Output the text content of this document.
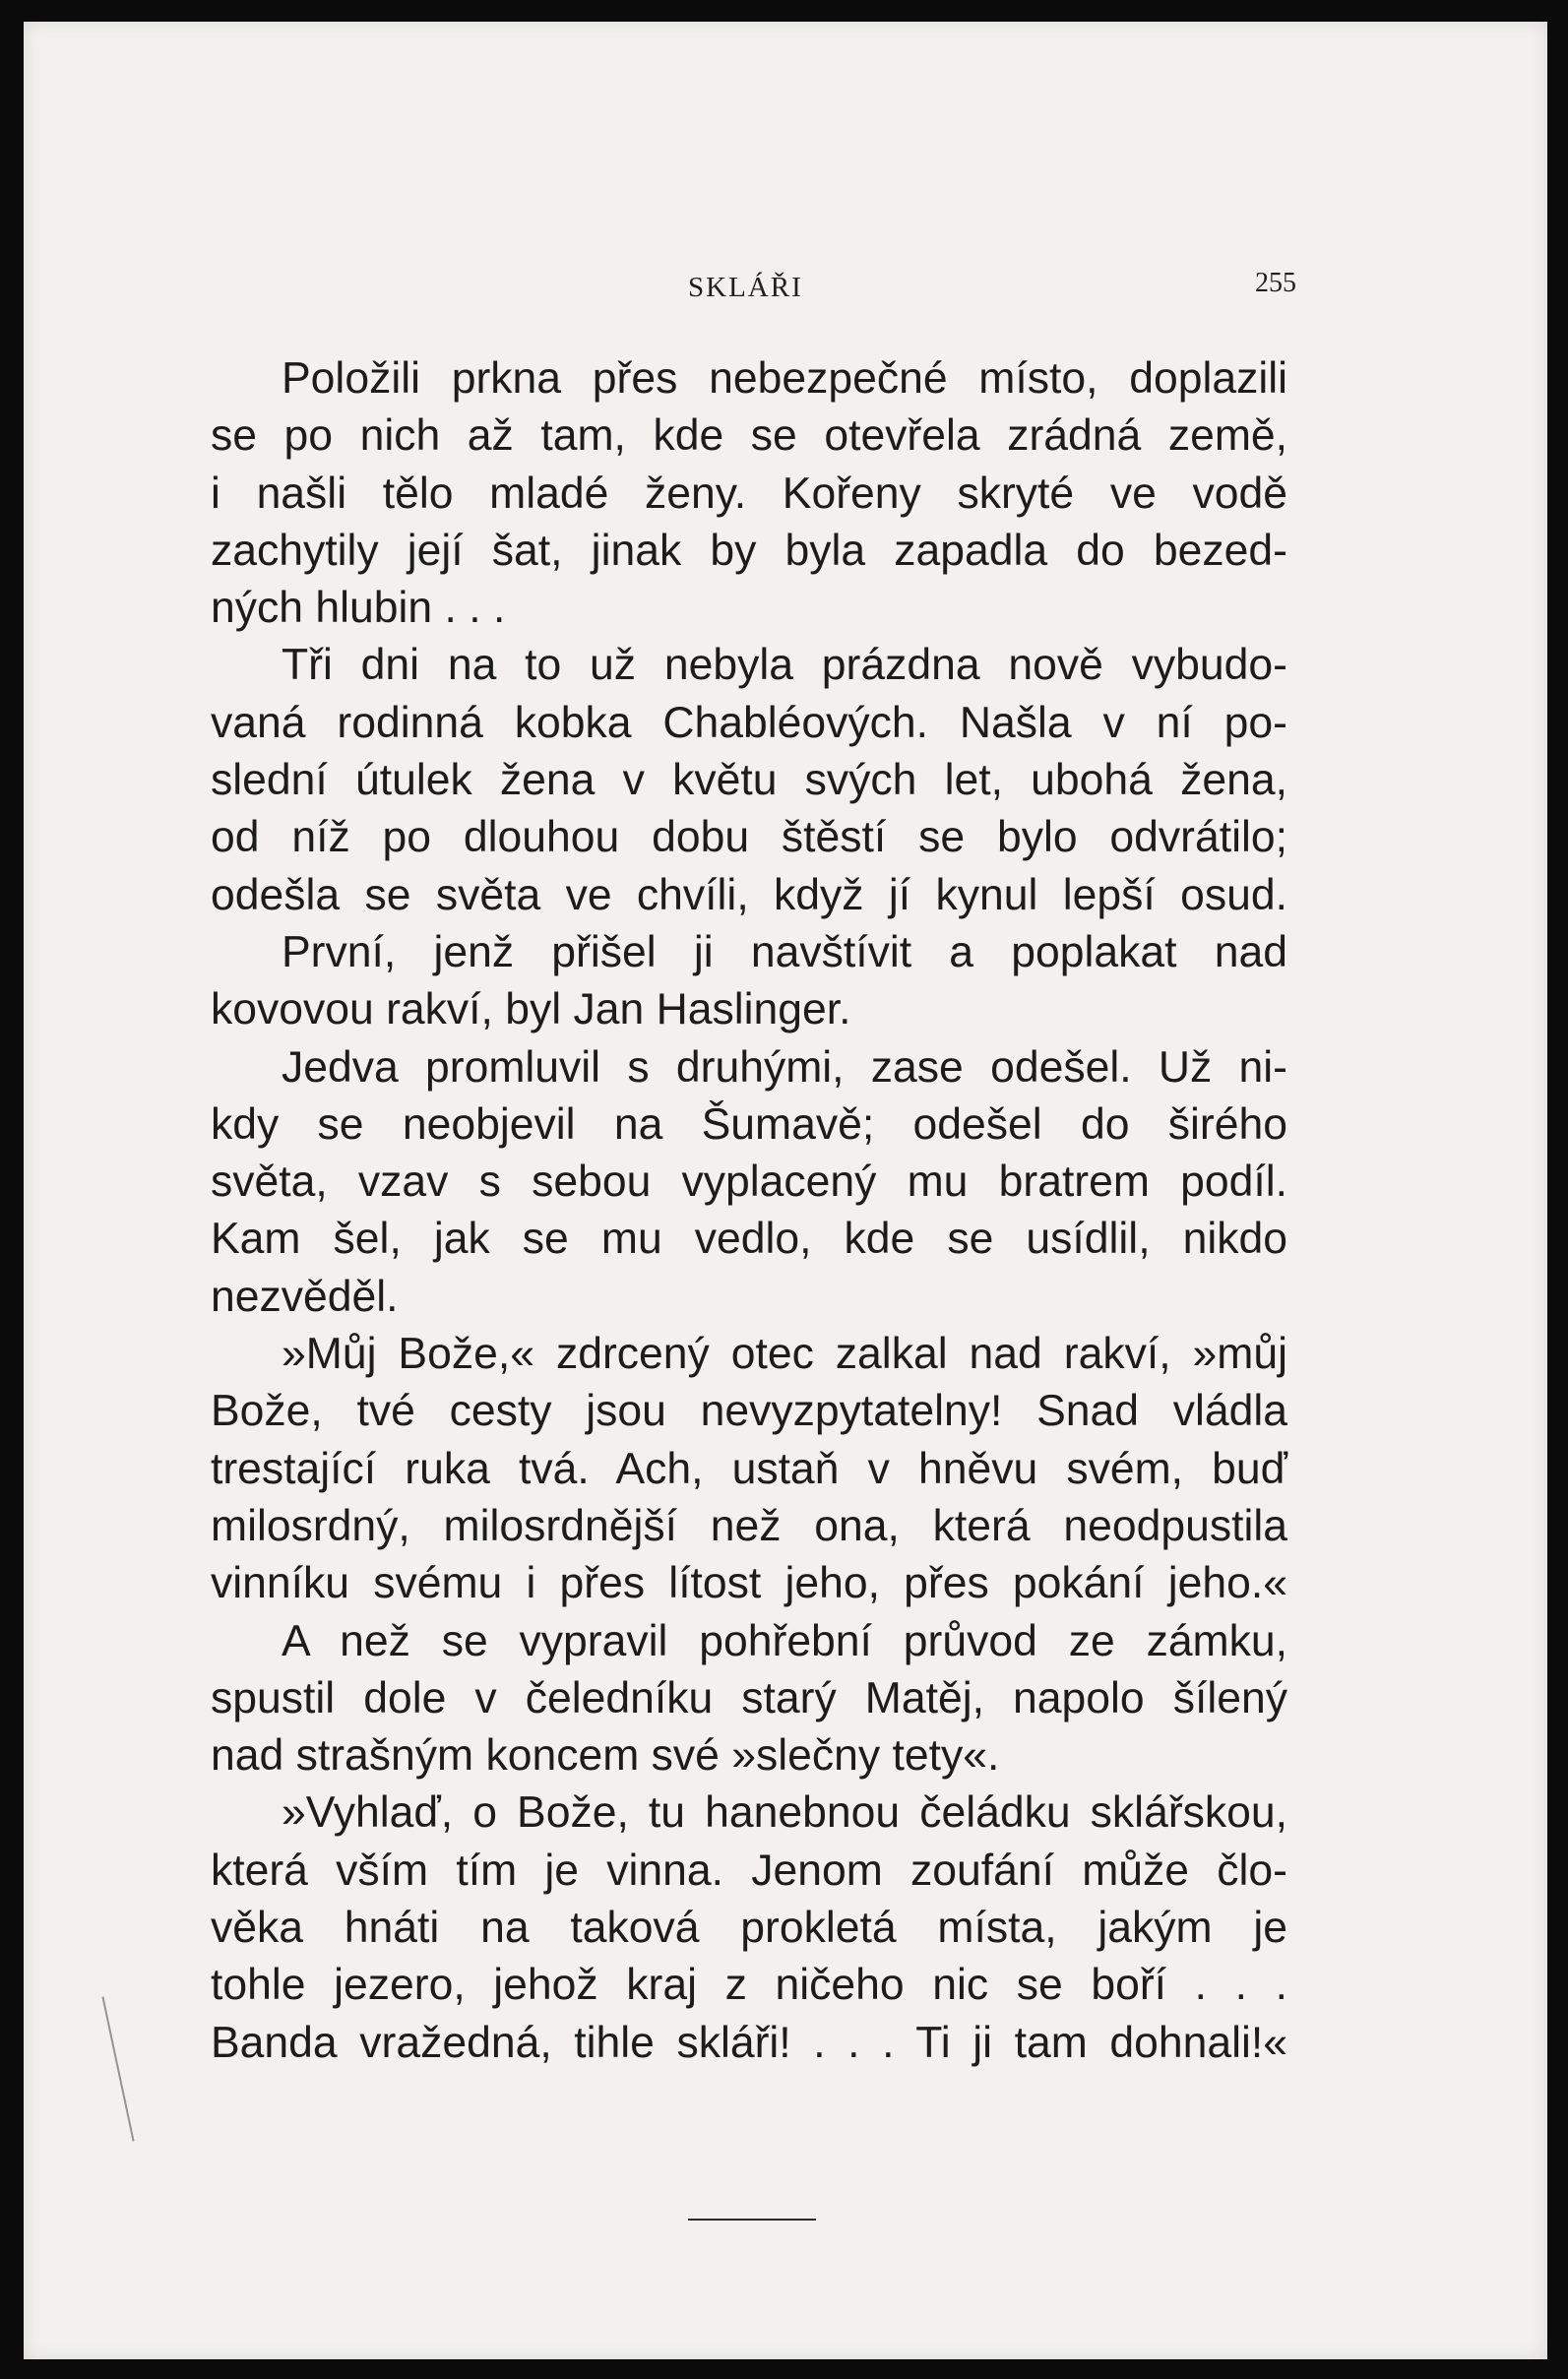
SKLÁŘI	255

Položili prkna přes nebezpečné místo, doplazili

se po nich až tam, kde se otevřela zrádná země,

i našli tělo mladé ženy. Kořeny skryté ve vodě

zachytily její šat, jinak by byla zapadla do bezed-

ných hlubin . . .

Tři dni na to už nebyla prázdna nově vybudo-

vaná rodinná kobka Chabléových. Našla v ní po-

slední útulek žena v květu svých let, ubohá žena,

od níž po dlouhou dobu štěstí se bylo odvrátilo;

odešla se světa ve chvíli, když jí kynul lepší osud.

První, jenž přišel ji navštívit a poplakat nad

kovovou rakví, byl Jan Haslinger.

Jedva promluvil s druhými, zase odešel. Už ni-

kdy se neobjevil na Šumavě; odešel do širého

světa, vzav s sebou vyplacený mu bratrem podíl.

Kam šel, jak se mu vedlo, kde se usídlil, nikdo

nezvěděl.

»Můj Bože,« zdrcený otec zalkal nad rakví, »můj

Bože, tvé cesty jsou nevyzpytatelny! Snad vládla

trestající ruka tvá. Ach, ustaň v hněvu svém, buď

milosrdný, milosrdnější než ona, která neodpustila

vinníku svému i přes lítost jeho, přes pokání jeho.«

A než se vypravil pohřební průvod ze zámku,

spustil dole v čeledníku starý Matěj, napolo šílený

nad strašným koncem své »slečny tety«.

»Vyhlaď, o Bože, tu hanebnou čeládku sklářskou,

která vším tím je vinna. Jenom zoufání může člo-

věka hnáti na taková prokletá místa, jakým je

tohle jezero, jehož kraj z ničeho nic se boří . . .

Banda vražedná, tihle skláři! . . . Ti ji tam dohnali!«
